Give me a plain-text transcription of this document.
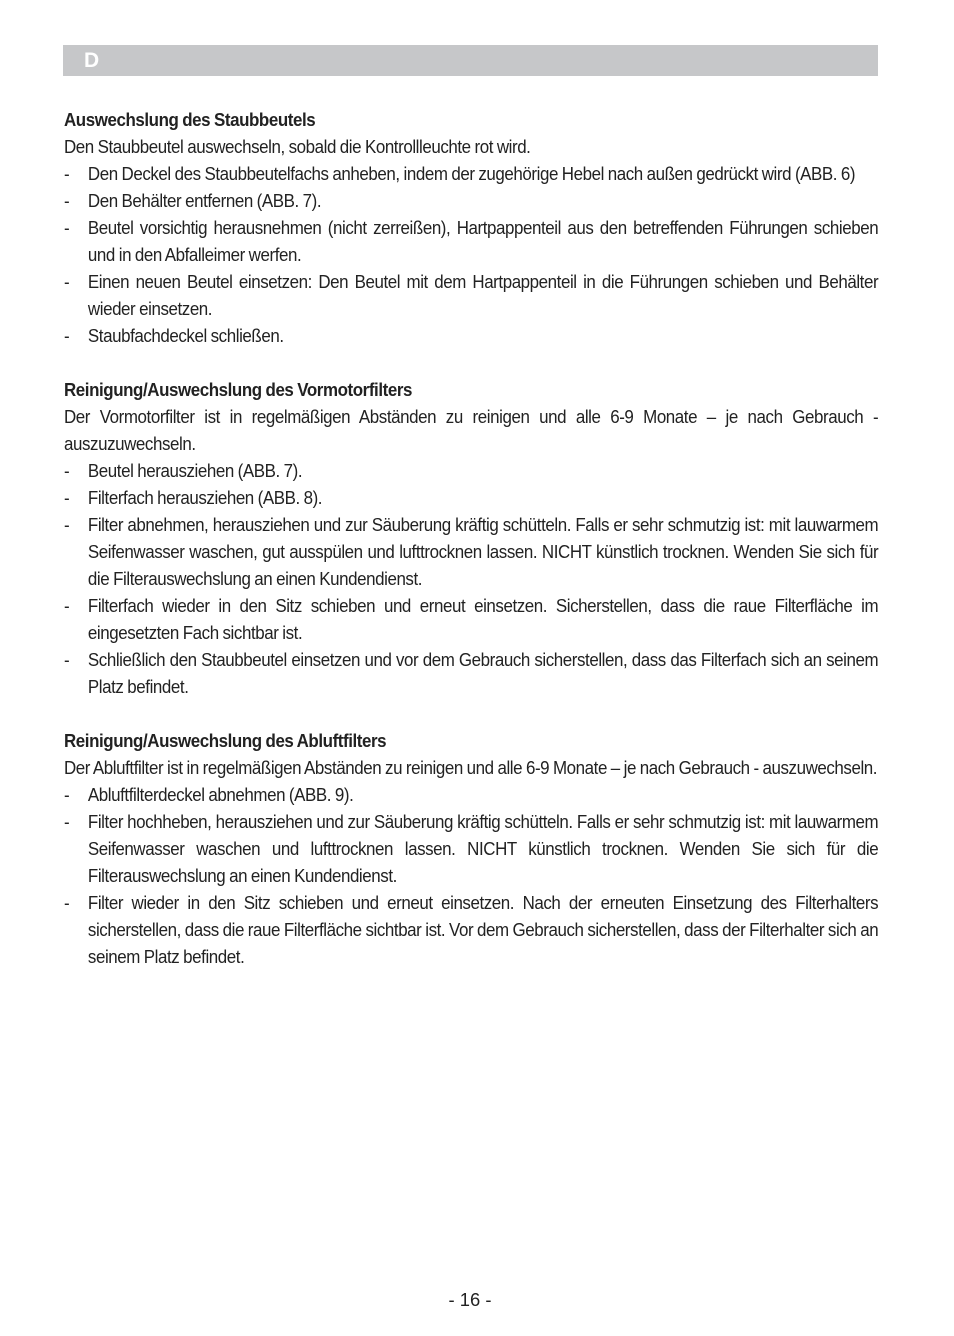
D

Auswechslung des Staubbeutels

Den Staubbeutel auswechseln, sobald die Kontrollleuchte rot wird.

- Den Deckel des Staubbeutelfachs anheben, indem der zugehörige Hebel nach außen gedrückt wird (ABB. 6)
- Den Behälter entfernen (ABB. 7).
- Beutel vorsichtig herausnehmen (nicht zerreißen), Hartpappenteil aus den betreffenden Führungen schieben und in den Abfalleimer werfen.
- Einen neuen Beutel einsetzen: Den Beutel mit dem Hartpappenteil in die Führungen schieben und Behälter wieder einsetzen.
- Staubfachdeckel schließen.

Reinigung/Auswechslung des Vormotorfilters

Der Vormotorfilter ist in regelmäßigen Abständen zu reinigen und alle 6-9 Monate – je nach Gebrauch - auszuzuwechseln.

- Beutel herausziehen (ABB. 7).
- Filterfach herausziehen (ABB. 8).
- Filter abnehmen, herausziehen und zur Säuberung kräftig schütteln. Falls er sehr schmutzig ist: mit lauwarmem Seifenwasser waschen, gut ausspülen und lufttrocknen lassen. NICHT künstlich trocknen. Wenden Sie sich für die Filterauswechslung an einen Kundendienst.
- Filterfach wieder in den Sitz schieben und erneut einsetzen. Sicherstellen, dass die raue Filterfläche im eingesetzten Fach sichtbar ist.
- Schließlich den Staubbeutel einsetzen und vor dem Gebrauch sicherstellen, dass das Filterfach sich an seinem Platz befindet.

Reinigung/Auswechslung des Abluftfilters

Der Abluftfilter ist in regelmäßigen Abständen zu reinigen und alle 6-9 Monate – je nach Gebrauch - auszuwechseln.

- Abluftfilterdeckel abnehmen (ABB. 9).
- Filter hochheben, herausziehen und zur Säuberung kräftig schütteln. Falls er sehr schmutzig ist: mit lauwarmem Seifenwasser waschen und lufttrocknen lassen. NICHT künstlich trocknen. Wenden Sie sich für die Filterauswechslung an einen Kundendienst.
- Filter wieder in den Sitz schieben und erneut einsetzen. Nach der erneuten Einsetzung des Filterhalters sicherstellen, dass die raue Filterfläche sichtbar ist. Vor dem Gebrauch sicherstellen, dass der Filterhalter sich an seinem Platz befindet.
- 16 -
